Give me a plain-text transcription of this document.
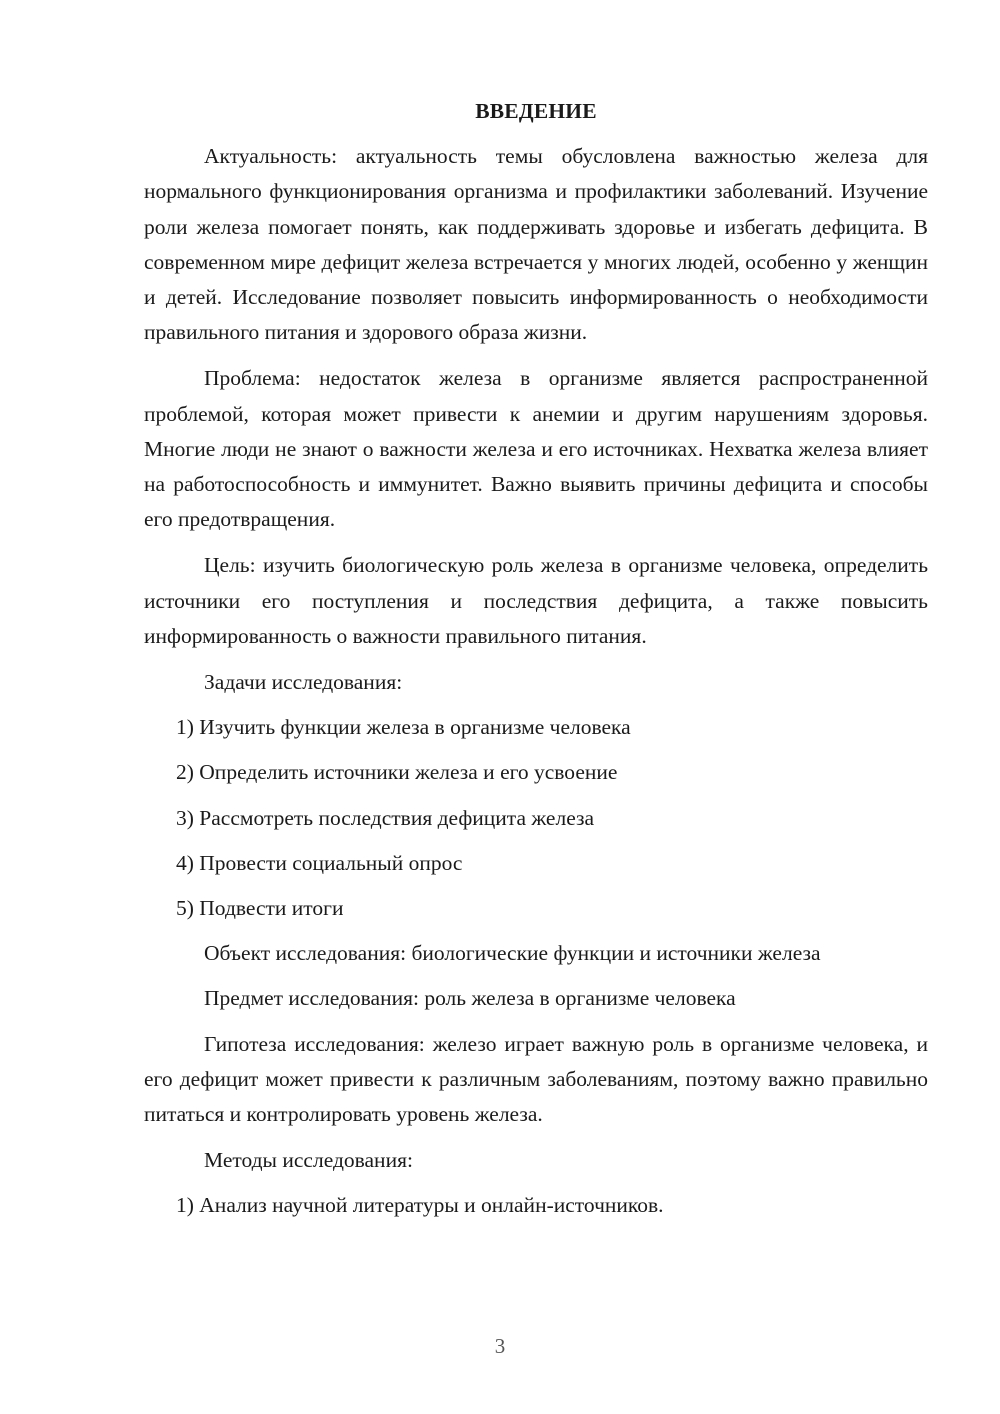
ВВЕДЕНИЕ

Актуальность: актуальность темы обусловлена важностью железа для нормального функционирования организма и профилактики заболеваний. Изучение роли железа помогает понять, как поддерживать здоровье и избегать дефицита. В современном мире дефицит железа встречается у многих людей, особенно у женщин и детей. Исследование позволяет повысить информированность о необходимости правильного питания и здорового образа жизни.

Проблема: недостаток железа в организме является распространенной проблемой, которая может привести к анемии и другим нарушениям здоровья. Многие люди не знают о важности железа и его источниках. Нехватка железа влияет на работоспособность и иммунитет. Важно выявить причины дефицита и способы его предотвращения.

Цель: изучить биологическую роль железа в организме человека, определить источники его поступления и последствия дефицита, а также повысить информированность о важности правильного питания.

Задачи исследования:
1) Изучить функции железа в организме человека
2) Определить источники железа и его усвоение
3) Рассмотреть последствия дефицита железа
4) Провести социальный опрос
5) Подвести итоги
Объект исследования: биологические функции и источники железа
Предмет исследования: роль железа в организме человека

Гипотеза исследования: железо играет важную роль в организме человека, и его дефицит может привести к различным заболеваниям, поэтому важно правильно питаться и контролировать уровень железа.

Методы исследования:
1) Анализ научной литературы и онлайн-источников.
3
